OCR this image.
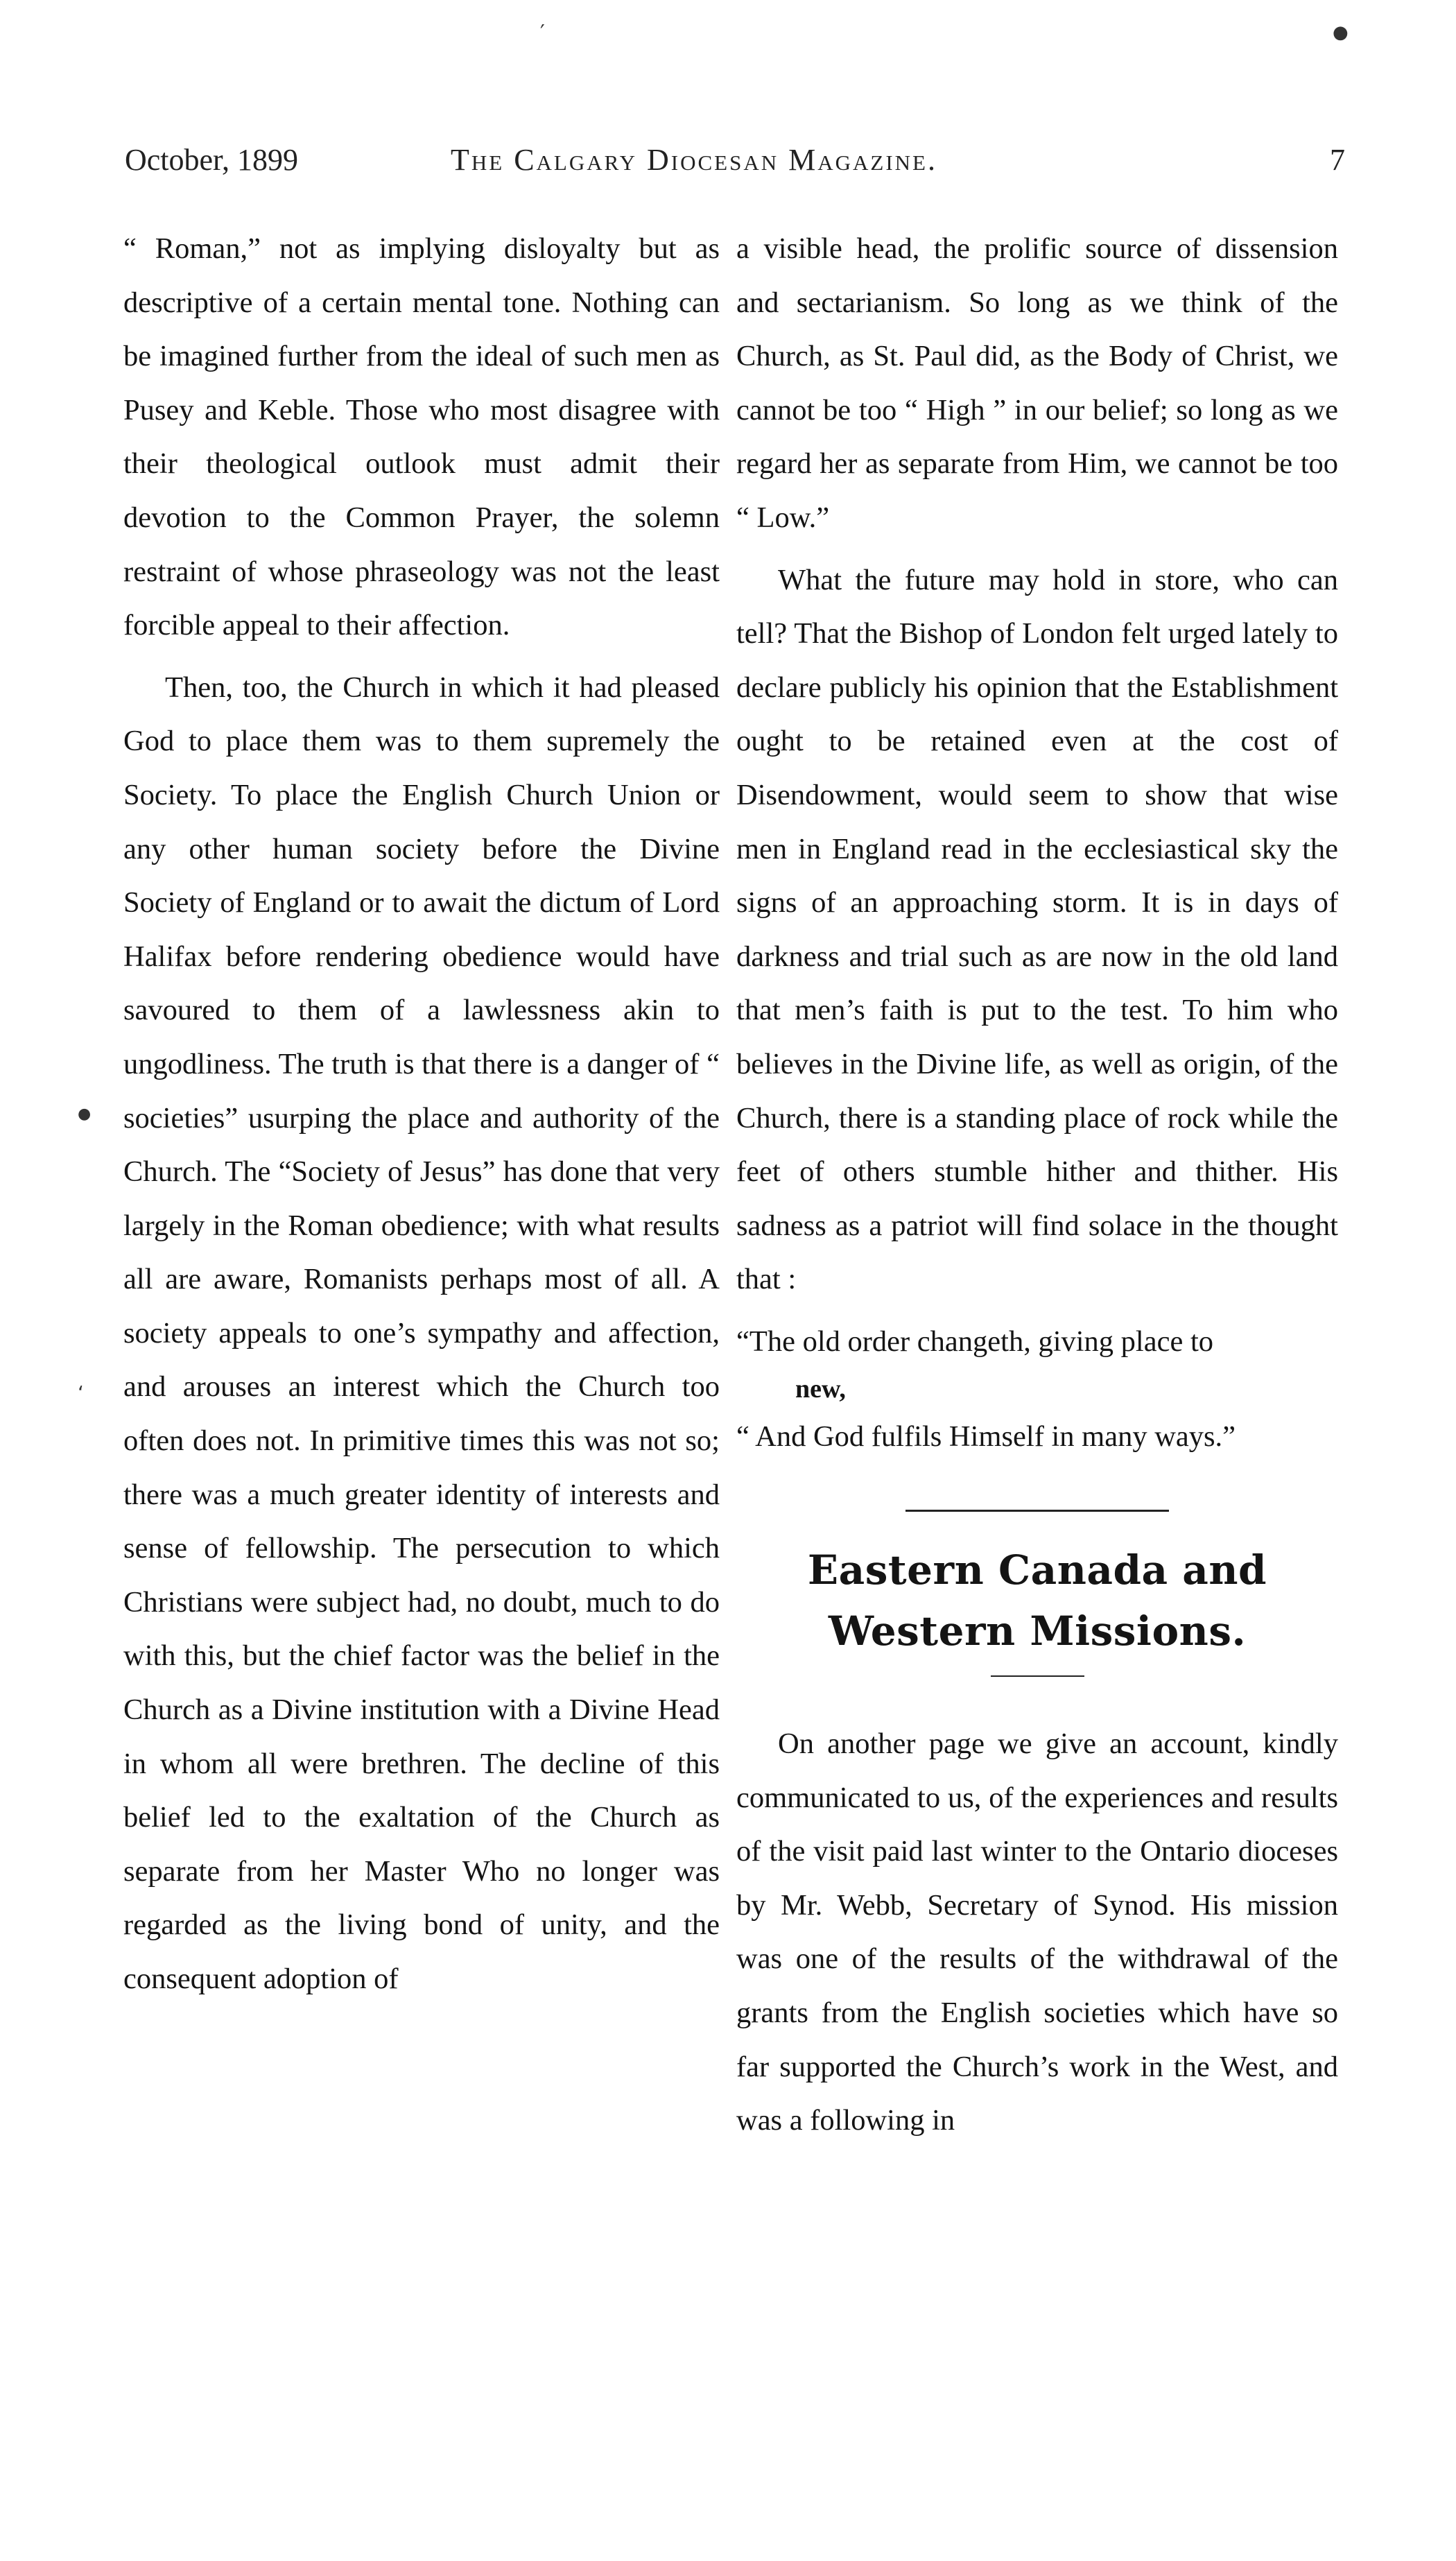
October, 1899	The Calgary Diocesan Magazine.	7

“ Roman,” not as implying disloyalty but as descriptive of a certain mental tone. Nothing can be imagined further from the ideal of such men as Pusey and Keble. Those who most disagree with their theological outlook must admit their devotion to the Common Prayer, the solemn restraint of whose phraseology was not the least forcible appeal to their affection.

Then, too, the Church in which it had pleased God to place them was to them supremely the Society. To place the English Church Union or any other human society before the Divine Society of England or to await the dictum of Lord Halifax before rendering obedience would have savoured to them of a lawlessness akin to ungodliness. The truth is that there is a danger of “ societies” usurping the place and authority of the Church. The “Society of Jesus” has done that very largely in the Roman obedience; with what results all are aware, Romanists perhaps most of all. A society appeals to one’s sympathy and affection, and arouses an interest which the Church too often does not. In primitive times this was not so; there was a much greater identity of interests and sense of fellowship. The persecution to which Christians were subject had, no doubt, much to do with this, but the chief factor was the belief in the Church as a Divine institution with a Divine Head in whom all were brethren. The decline of this belief led to the exaltation of the Church as separate from her Master Who no longer was regarded as the living bond of unity, and the consequent adoption of

a visible head, the prolific source of dissension and sectarianism. So long as we think of the Church, as St. Paul did, as the Body of Christ, we cannot be too “ High ” in our belief; so long as we regard her as separate from Him, we cannot be too “ Low.”

What the future may hold in store, who can tell? That the Bishop of London felt urged lately to declare publicly his opinion that the Establishment ought to be retained even at the cost of Disendowment, would seem to show that wise men in England read in the ecclesiastical sky the signs of an approaching storm. It is in days of darkness and trial such as are now in the old land that men’s faith is put to the test. To him who believes in the Divine life, as well as origin, of the Church, there is a standing place of rock while the feet of others stumble hither and thither. His sadness as a patriot will find solace in the thought that :

“The old order changeth, giving place to
new,
“ And God fulfils Himself in many ways.”

Eastern Canada and Western Missions.

On another page we give an account, kindly communicated to us, of the experiences and results of the visit paid last winter to the Ontario dioceses by Mr. Webb, Secretary of Synod. His mission was one of the results of the withdrawal of the grants from the English societies which have so far supported the Church’s work in the West, and was a following in

′	●
●
‘
